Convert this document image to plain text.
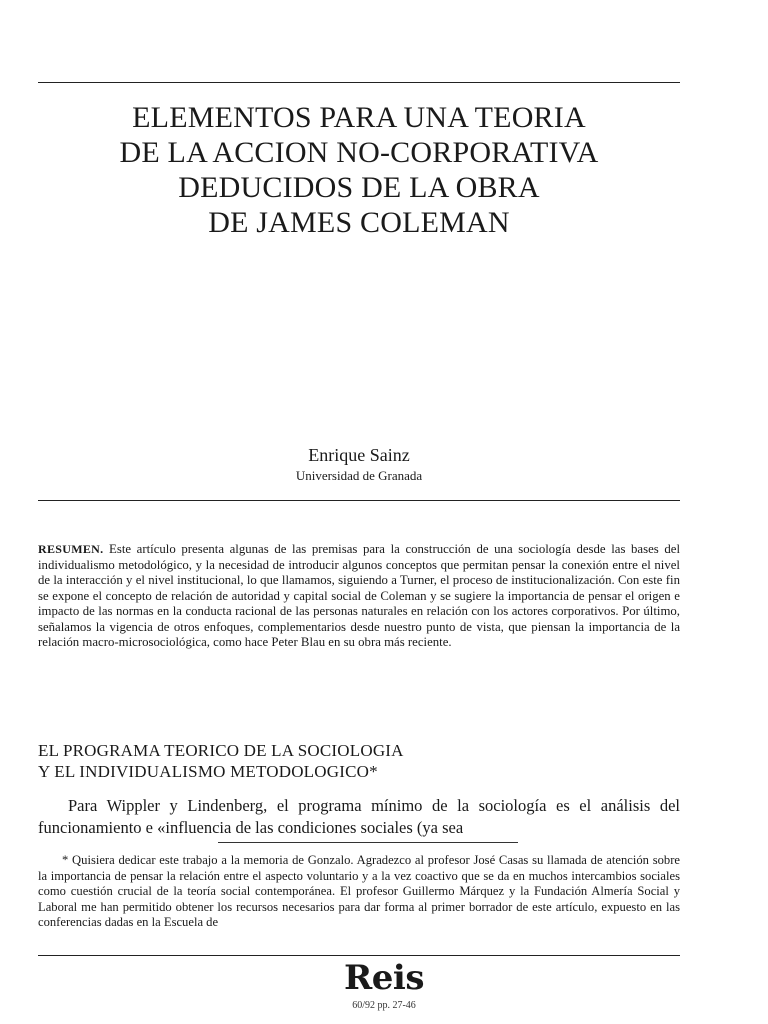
ELEMENTOS PARA UNA TEORIA
DE LA ACCION NO-CORPORATIVA
DEDUCIDOS DE LA OBRA
DE JAMES COLEMAN
Enrique Sainz
Universidad de Granada
RESUMEN. Este artículo presenta algunas de las premisas para la construcción de una sociología desde las bases del individualismo metodológico, y la necesidad de introducir algunos conceptos que permitan pensar la conexión entre el nivel de la interacción y el nivel institucional, lo que llamamos, siguiendo a Turner, el proceso de institucionalización. Con este fin se expone el concepto de relación de autoridad y capital social de Coleman y se sugiere la importancia de pensar el origen e impacto de las normas en la conducta racional de las personas naturales en relación con los actores corporativos. Por último, señalamos la vigencia de otros enfoques, complementarios desde nuestro punto de vista, que piensan la importancia de la relación macro-microsociológica, como hace Peter Blau en su obra más reciente.
EL PROGRAMA TEORICO DE LA SOCIOLOGIA
Y EL INDIVIDUALISMO METODOLOGICO*
Para Wippler y Lindenberg, el programa mínimo de la sociología es el análisis del funcionamiento e «influencia de las condiciones sociales (ya sea
* Quisiera dedicar este trabajo a la memoria de Gonzalo. Agradezco al profesor José Casas su llamada de atención sobre la importancia de pensar la relación entre el aspecto voluntario y a la vez coactivo que se da en muchos intercambios sociales como cuestión crucial de la teoría social contemporánea. El profesor Guillermo Márquez y la Fundación Almería Social y Laboral me han permitido obtener los recursos necesarios para dar forma al primer borrador de este artículo, expuesto en las conferencias dadas en la Escuela de
Reis
60/92 pp. 27-46
